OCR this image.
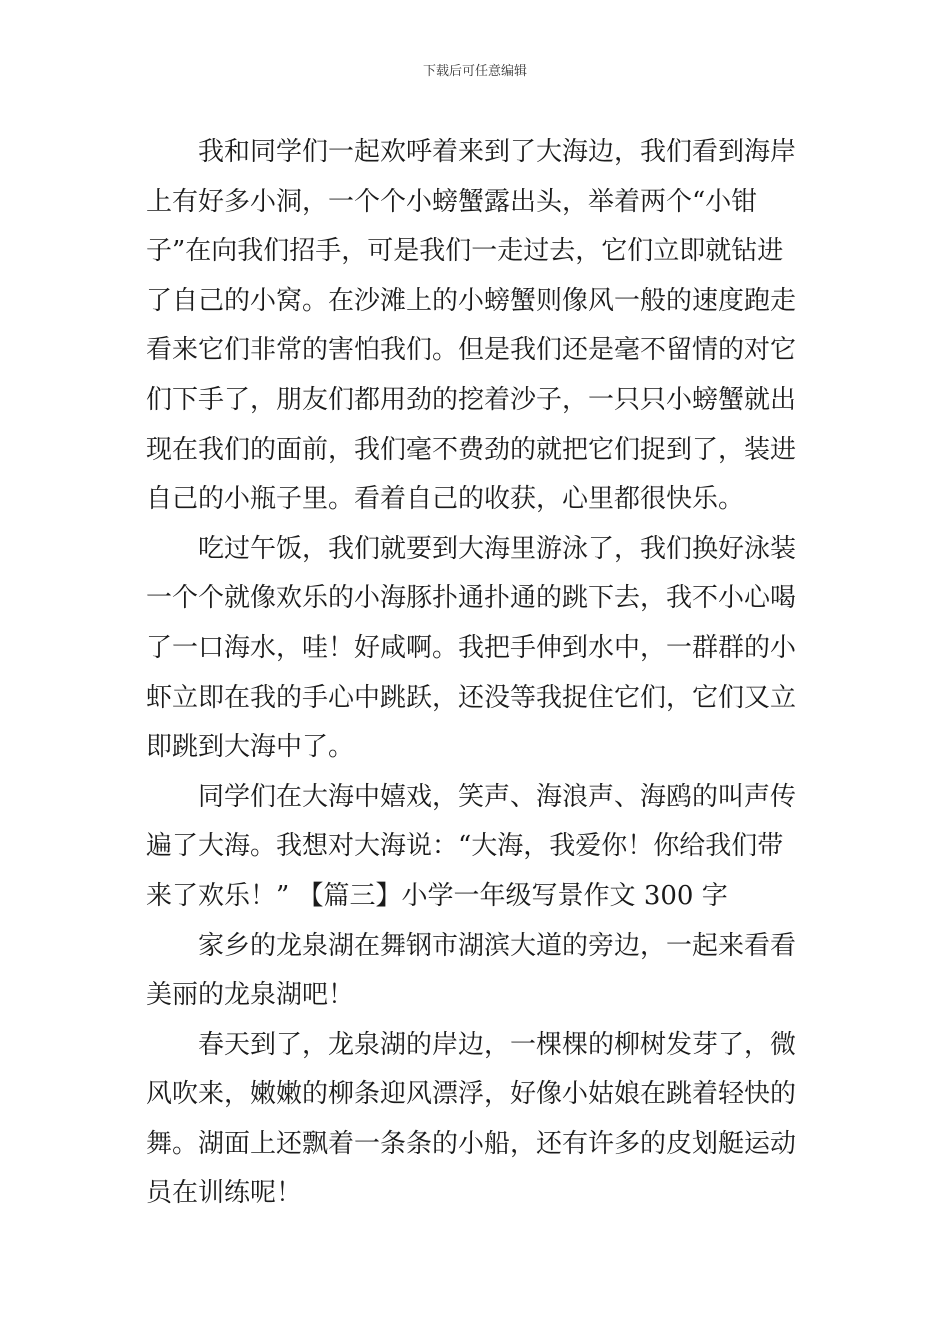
下载后可任意编辑

我和同学们一起欢呼着来到了大海边，我们看到海岸
上有好多小洞，一个个小螃蟹露出头，举着两个“小钳
子”在向我们招手，可是我们一走过去，它们立即就钻进
了自己的小窝。在沙滩上的小螃蟹则像风一般的速度跑走
看来它们非常的害怕我们。但是我们还是毫不留情的对它
们下手了，朋友们都用劲的挖着沙子，一只只小螃蟹就出
现在我们的面前，我们毫不费劲的就把它们捉到了，装进
自己的小瓶子里。看着自己的收获，心里都很快乐。

吃过午饭，我们就要到大海里游泳了，我们换好泳装
一个个就像欢乐的小海豚扑通扑通的跳下去，我不小心喝
了一口海水，哇！好咸啊。我把手伸到水中，一群群的小
虾立即在我的手心中跳跃，还没等我捉住它们，它们又立
即跳到大海中了。

同学们在大海中嬉戏，笑声、海浪声、海鸥的叫声传
遍了大海。我想对大海说：“大海，我爱你！你给我们带
来了欢乐！” 【篇三】小学一年级写景作文 300 字

家乡的龙泉湖在舞钢市湖滨大道的旁边，一起来看看
美丽的龙泉湖吧！

春天到了，龙泉湖的岸边，一棵棵的柳树发芽了，微
风吹来，嫩嫩的柳条迎风漂浮，好像小姑娘在跳着轻快的
舞。湖面上还飘着一条条的小船，还有许多的皮划艇运动
员在训练呢！
